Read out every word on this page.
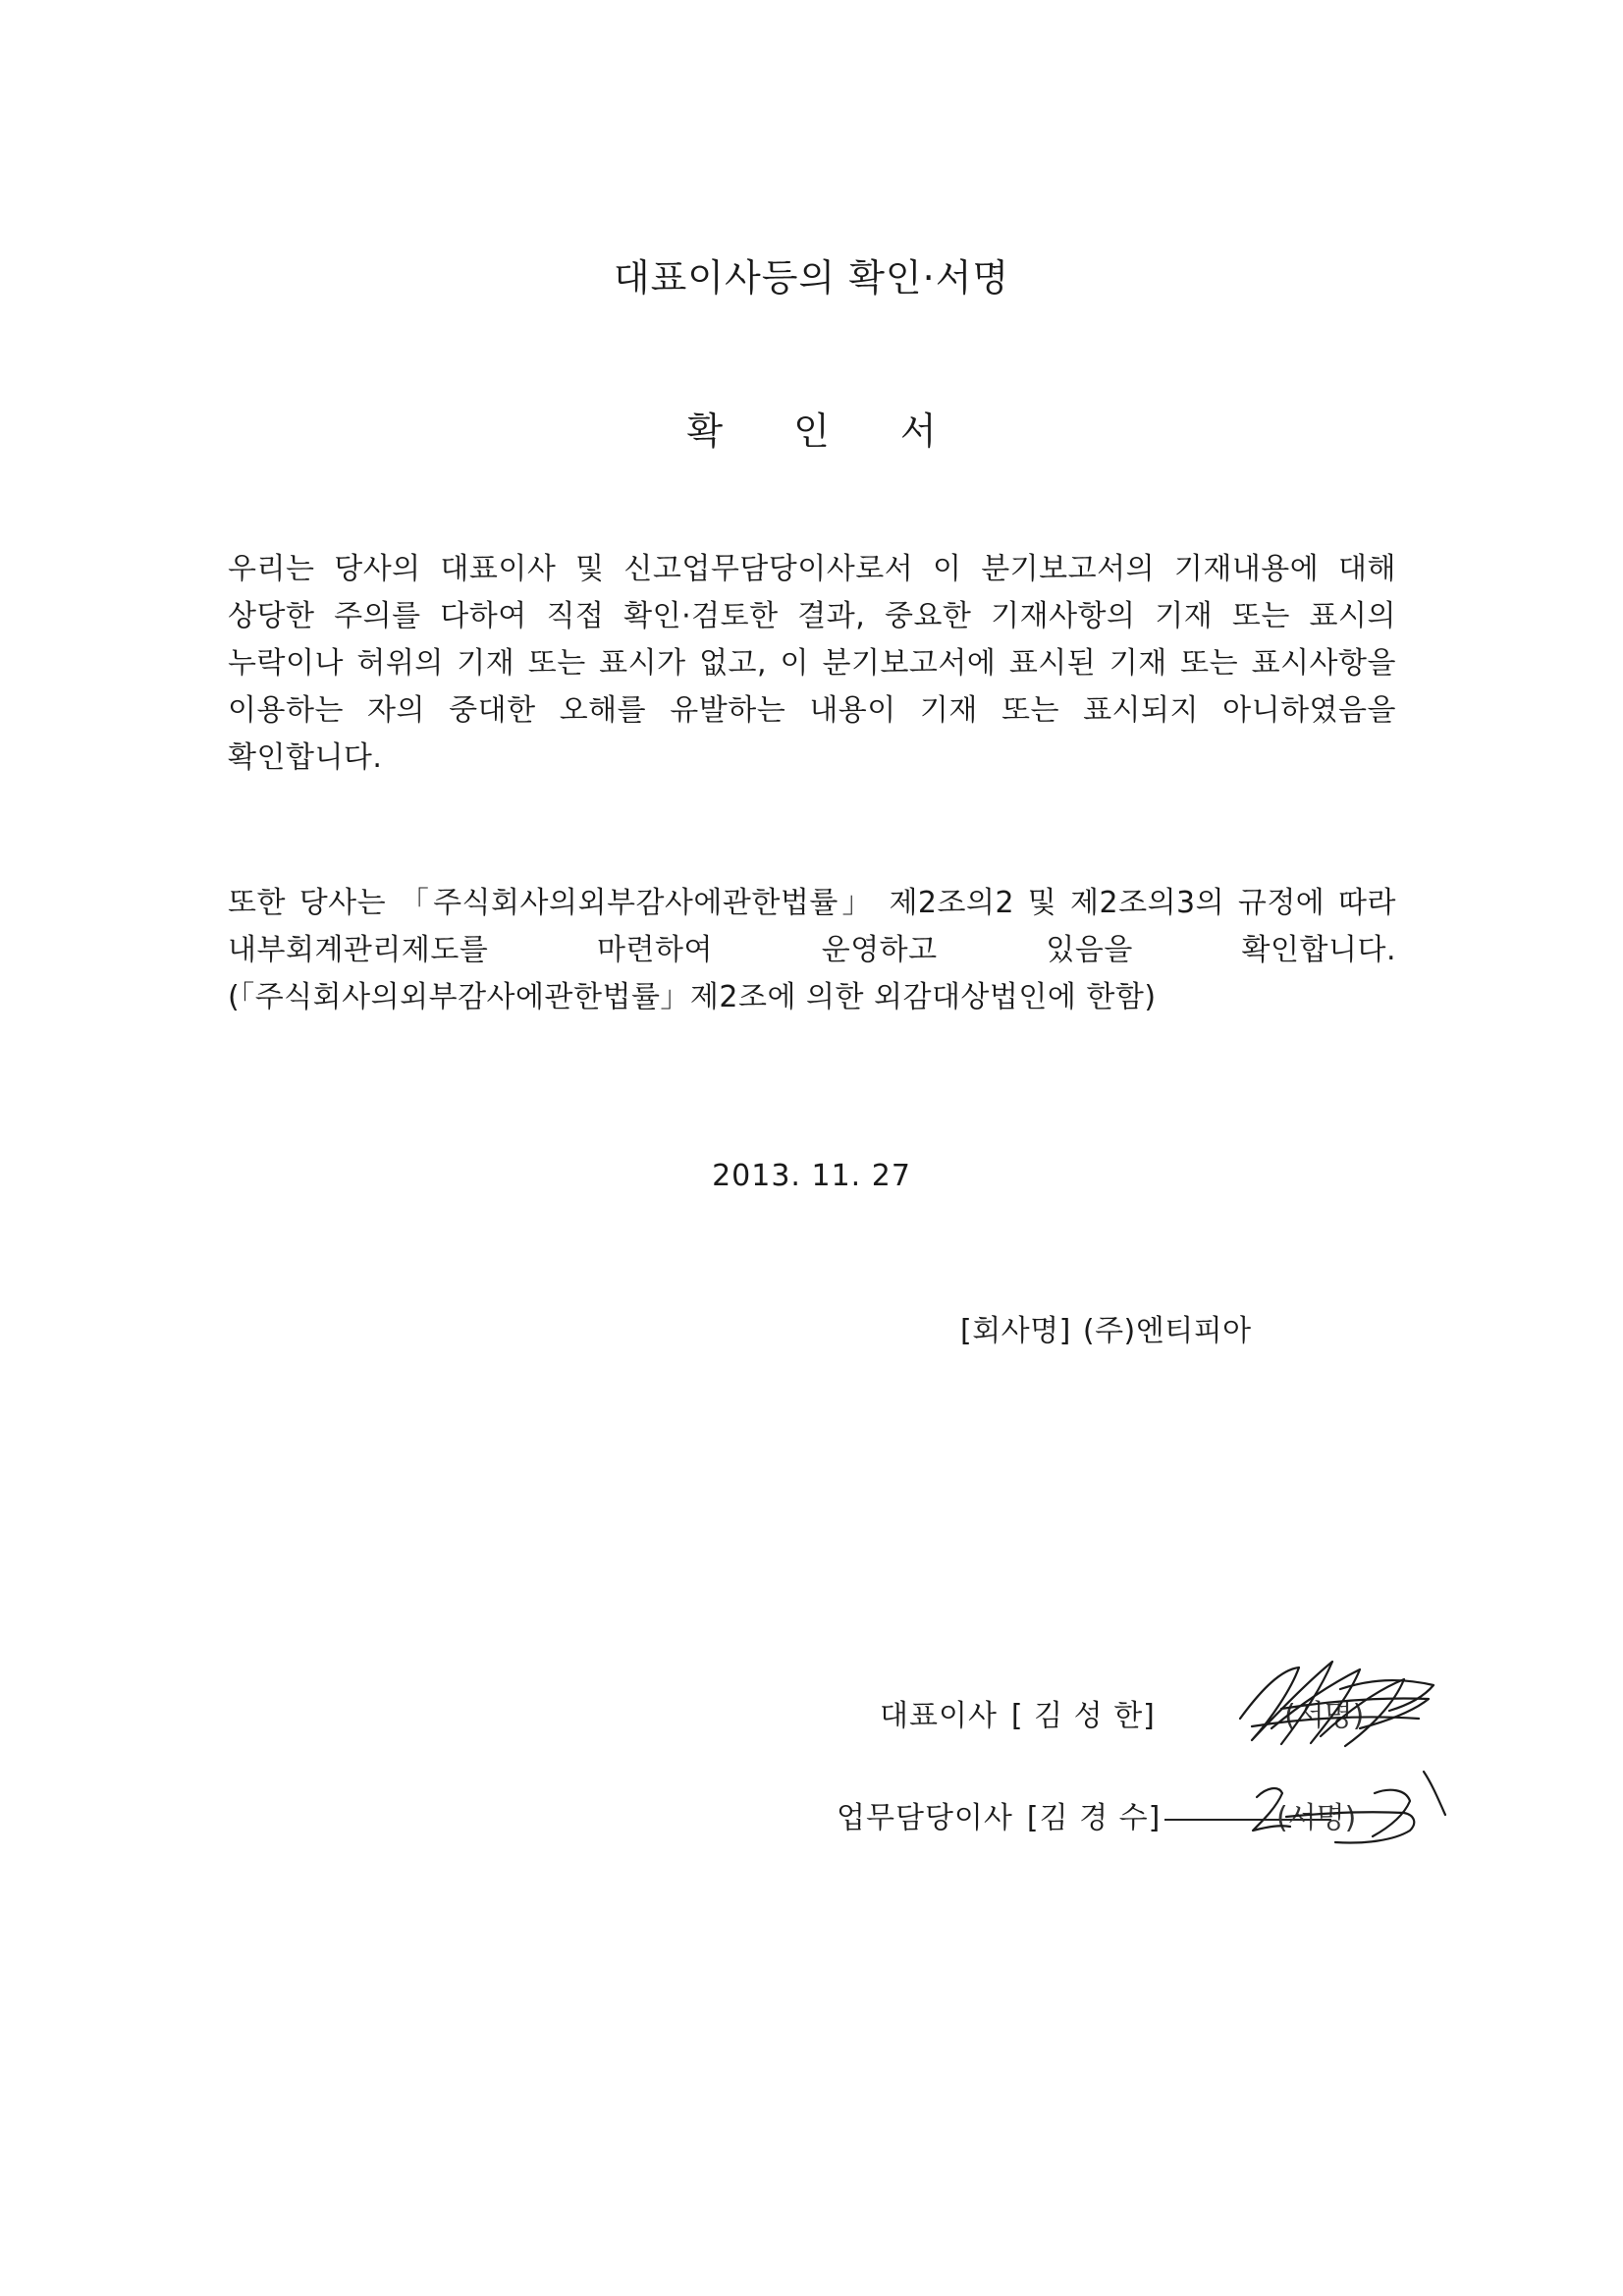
대표이사등의 확인·서명
확 인 서

우리는 당사의 대표이사 및 신고업무담당이사로서 이 분기보고서의 기재내용에 대해 상당한 주의를 다하여 직접 확인·검토한 결과, 중요한 기재사항의 기재 또는 표시의 누락이나 허위의 기재 또는 표시가 없고, 이 분기보고서에 표시된 기재 또는 표시사항을 이용하는 자의 중대한 오해를 유발하는 내용이 기재 또는 표시되지 아니하였음을 확인합니다.

또한 당사는 「주식회사의외부감사에관한법률」 제2조의2 및 제2조의3의 규정에 따라 내부회계관리제도를 마련하여 운영하고 있음을 확인합니다.(「주식회사의외부감사에관한법률」제2조에 의한 외감대상법인에 한함)

2013. 11. 27

[회사명] (주)엔티피아

대표이사 [ 김 성 한]	(서명)
업무담당이사 [김 경 수]	(서명)
